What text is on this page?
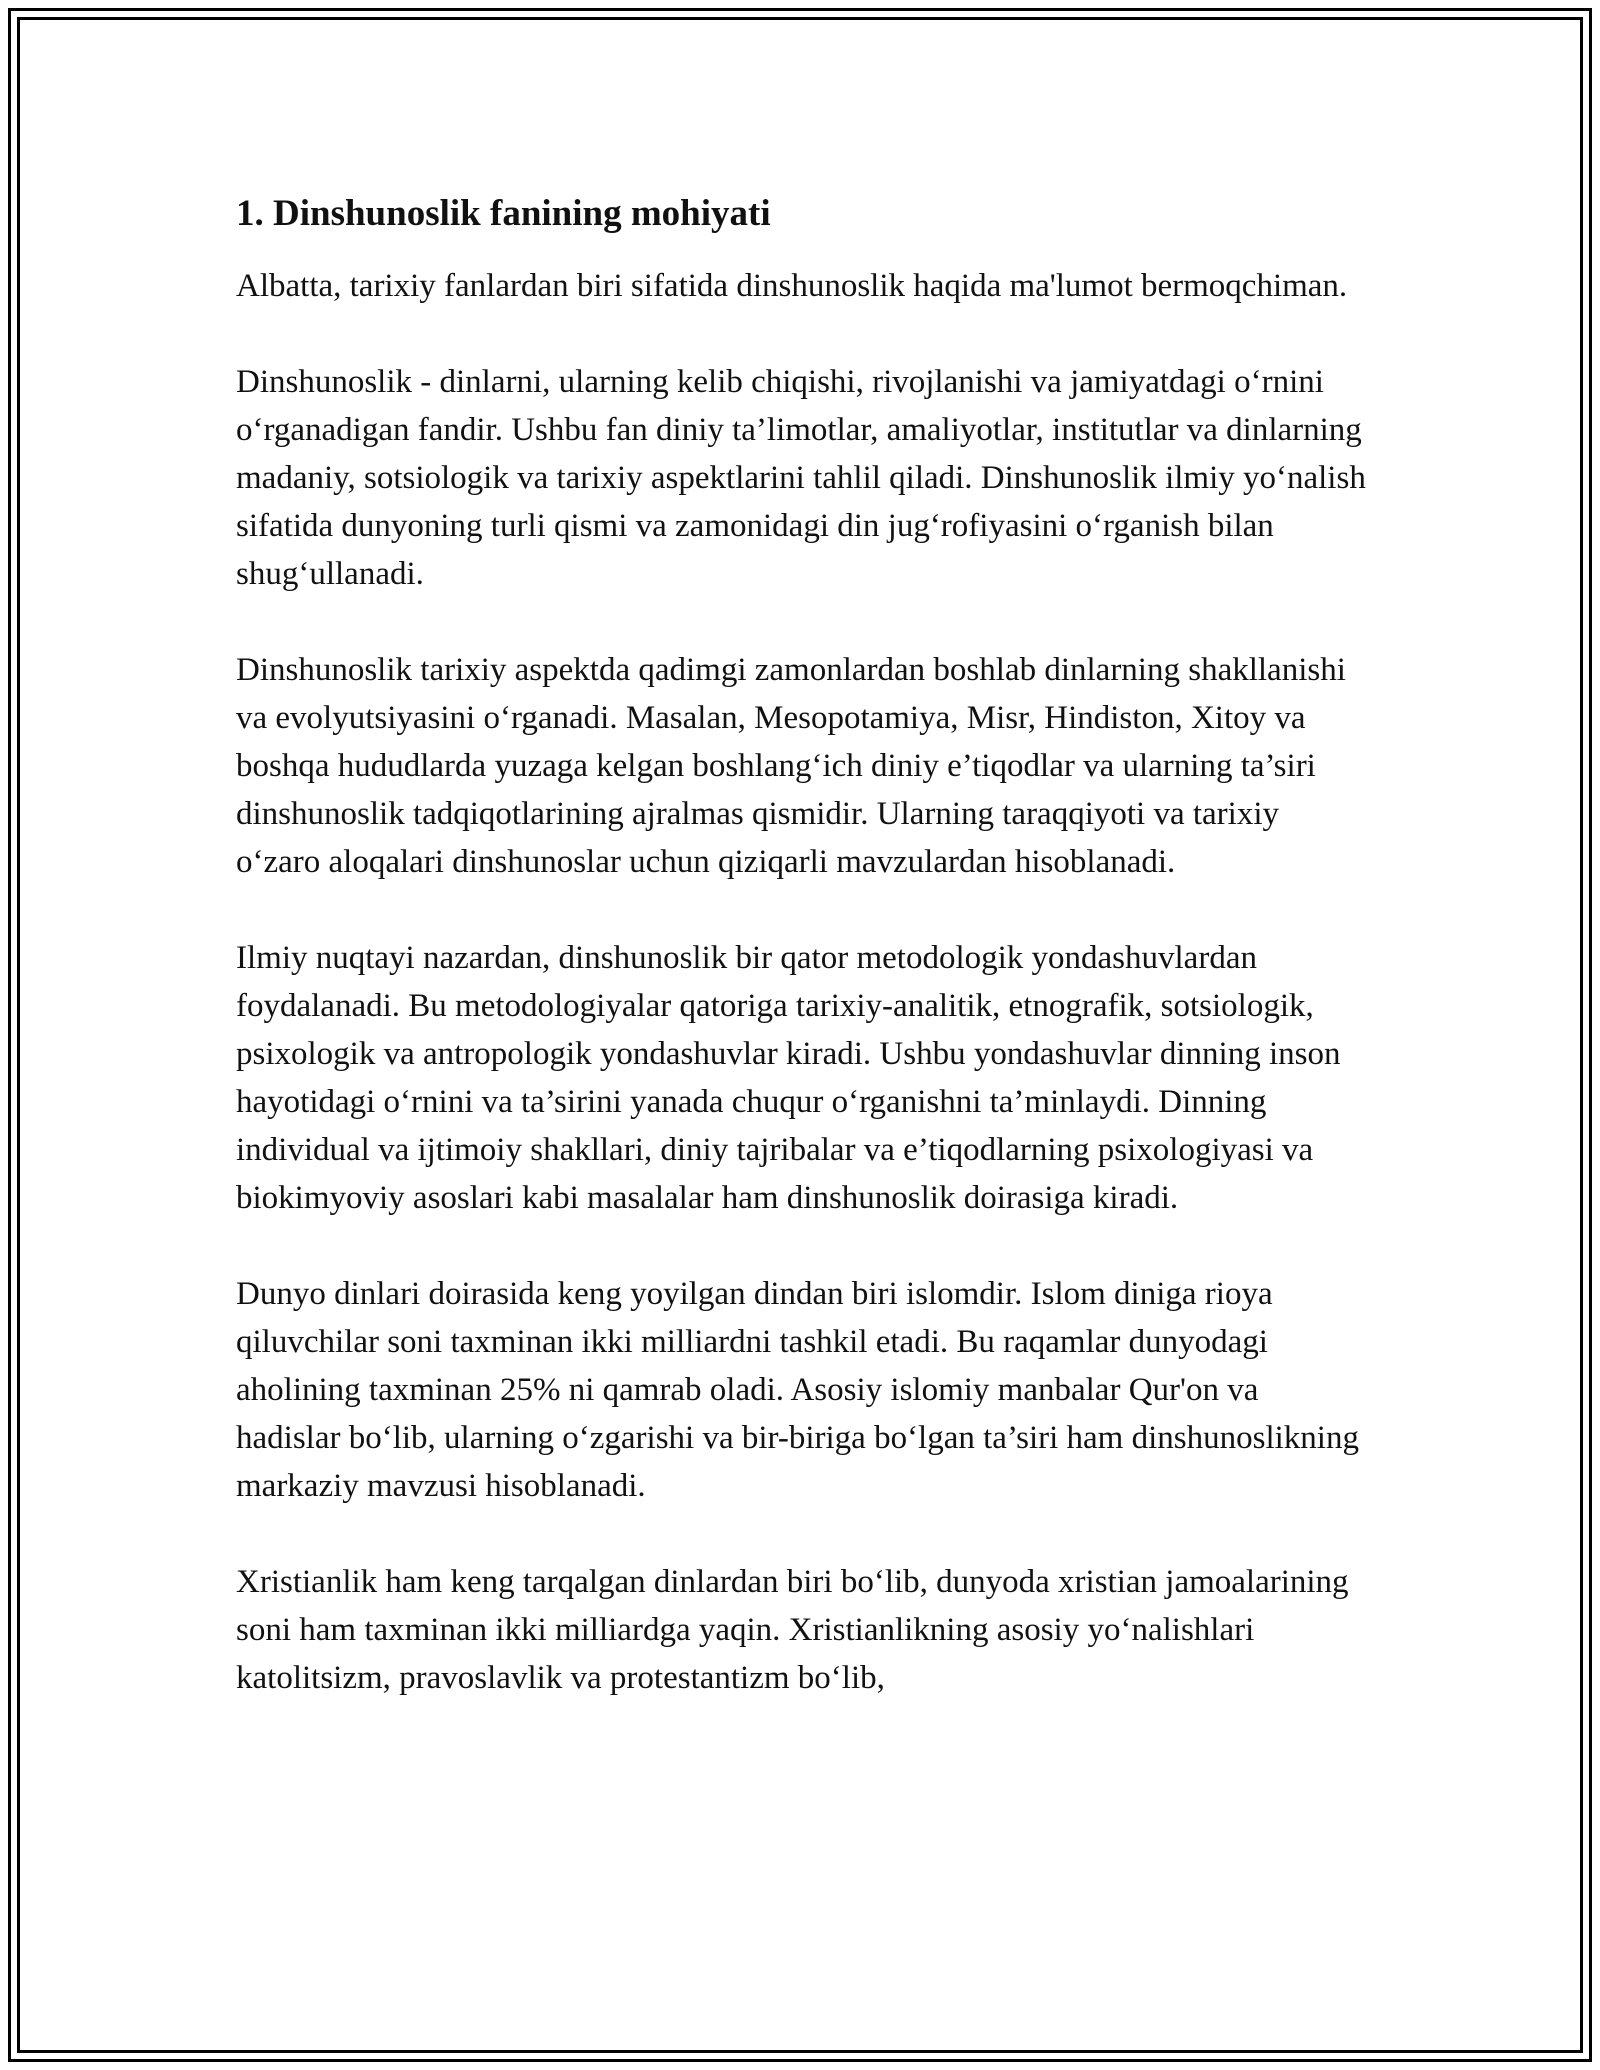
1. Dinshunoslik fanining mohiyati

Albatta, tarixiy fanlardan biri sifatida dinshunoslik haqida ma'lumot bermoqchiman.

Dinshunoslik - dinlarni, ularning kelib chiqishi, rivojlanishi va jamiyatdagi o‘rnini o‘rganadigan fandir. Ushbu fan diniy ta’limotlar, amaliyotlar, institutlar va dinlarning madaniy, sotsiologik va tarixiy aspektlarini tahlil qiladi. Dinshunoslik ilmiy yo‘nalish sifatida dunyoning turli qismi va zamonidagi din jug‘rofiyasini o‘rganish bilan shug‘ullanadi.

Dinshunoslik tarixiy aspektda qadimgi zamonlardan boshlab dinlarning shakllanishi va evolyutsiyasini o‘rganadi. Masalan, Mesopotamiya, Misr, Hindiston, Xitoy va boshqa hududlarda yuzaga kelgan boshlang‘ich diniy e’tiqodlar va ularning ta’siri dinshunoslik tadqiqotlarining ajralmas qismidir. Ularning taraqqiyoti va tarixiy o‘zaro aloqalari dinshunoslar uchun qiziqarli mavzulardan hisoblanadi.

Ilmiy nuqtayi nazardan, dinshunoslik bir qator metodologik yondashuvlardan foydalanadi. Bu metodologiyalar qatoriga tarixiy-analitik, etnografik, sotsiologik, psixologik va antropologik yondashuvlar kiradi. Ushbu yondashuvlar dinning inson hayotidagi o‘rnini va ta’sirini yanada chuqur o‘rganishni ta’minlaydi. Dinning individual va ijtimoiy shakllari, diniy tajribalar va e’tiqodlarning psixologiyasi va biokimyoviy asoslari kabi masalalar ham dinshunoslik doirasiga kiradi.

Dunyo dinlari doirasida keng yoyilgan dindan biri islomdir. Islom diniga rioya qiluvchilar soni taxminan ikki milliardni tashkil etadi. Bu raqamlar dunyodagi aholining taxminan 25% ni qamrab oladi. Asosiy islomiy manbalar Qur'on va hadislar bo‘lib, ularning o‘zgarishi va bir-biriga bo‘lgan ta’siri ham dinshunoslikning markaziy mavzusi hisoblanadi.

Xristianlik ham keng tarqalgan dinlardan biri bo‘lib, dunyoda xristian jamoalarining soni ham taxminan ikki milliardga yaqin. Xristianlikning asosiy yo‘nalishlari katolitsizm, pravoslavlik va protestantizm bo‘lib,
